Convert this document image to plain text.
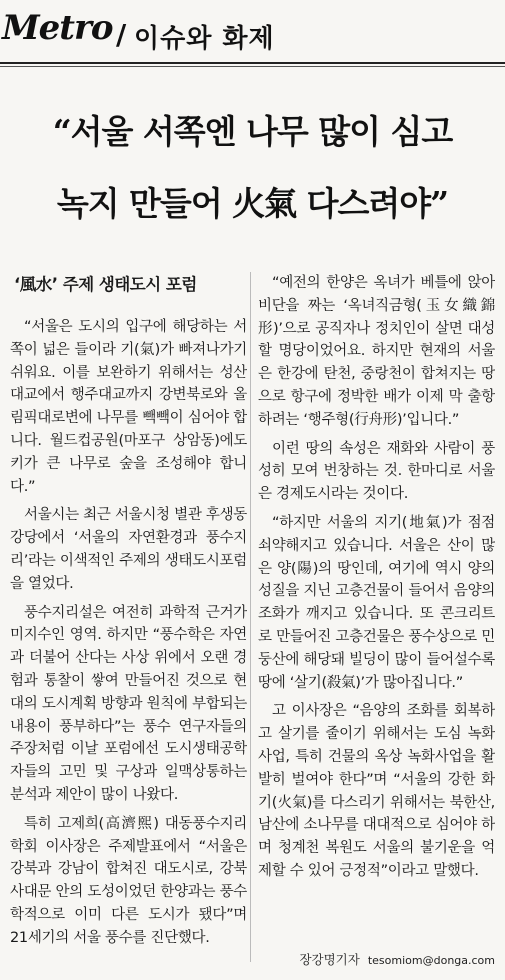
Metro / 이슈와 화제
“서울 서쪽엔 나무 많이 심고
녹지 만들어 火氣 다스려야”
‘風水’ 주제 생태도시 포럼

“서울은 도시의 입구에 해당하는 서쪽이 넓은 들이라 기(氣)가 빠져나가기 쉬워요. 이를 보완하기 위해서는 성산대교에서 행주대교까지 강변북로와 올림픽대로변에 나무를 빽빽이 심어야 합니다. 월드컵공원(마포구 상암동)에도 키가 큰 나무로 숲을 조성해야 합니다.”

서울시는 최근 서울시청 별관 후생동 강당에서 ‘서울의 자연환경과 풍수지리’라는 이색적인 주제의 생태도시포럼을 열었다.

풍수지리설은 여전히 과학적 근거가 미지수인 영역. 하지만 “풍수학은 자연과 더불어 산다는 사상 위에서 오랜 경험과 통찰이 쌓여 만들어진 것으로 현대의 도시계획 방향과 원칙에 부합되는 내용이 풍부하다”는 풍수 연구자들의 주장처럼 이날 포럼에선 도시생태공학자들의 고민 및 구상과 일맥상통하는 분석과 제안이 많이 나왔다.

특히 고제희(高濟熙) 대동풍수지리학회 이사장은 주제발표에서 “서울은 강북과 강남이 합쳐진 대도시로, 강북 사대문 안의 도성이었던 한양과는 풍수학적으로 이미 다른 도시가 됐다”며 21세기의 서울 풍수를 진단했다.

“예전의 한양은 옥녀가 베틀에 앉아 비단을 짜는 ‘옥녀직금형(玉女織錦形)’으로 공직자나 정치인이 살면 대성할 명당이었어요. 하지만 현재의 서울은 한강에 탄천, 중랑천이 합쳐지는 땅으로 항구에 정박한 배가 이제 막 출항하려는 ‘행주형(行舟形)’입니다.”

이런 땅의 속성은 재화와 사람이 풍성히 모여 번창하는 것. 한마디로 서울은 경제도시라는 것이다.

“하지만 서울의 지기(地氣)가 점점 쇠약해지고 있습니다. 서울은 산이 많은 양(陽)의 땅인데, 여기에 역시 양의 성질을 지닌 고층건물이 들어서 음양의 조화가 깨지고 있습니다. 또 콘크리트로 만들어진 고층건물은 풍수상으로 민둥산에 해당돼 빌딩이 많이 들어설수록 땅에 ‘살기(殺氣)’가 많아집니다.”

고 이사장은 “음양의 조화를 회복하고 살기를 줄이기 위해서는 도심 녹화사업, 특히 건물의 옥상 녹화사업을 활발히 벌여야 한다”며 “서울의 강한 화기(火氣)를 다스리기 위해서는 북한산, 남산에 소나무를 대대적으로 심어야 하며 청계천 복원도 서울의 불기운을 억제할 수 있어 긍정적”이라고 말했다.

장강명기자 tesomiom@donga.com
